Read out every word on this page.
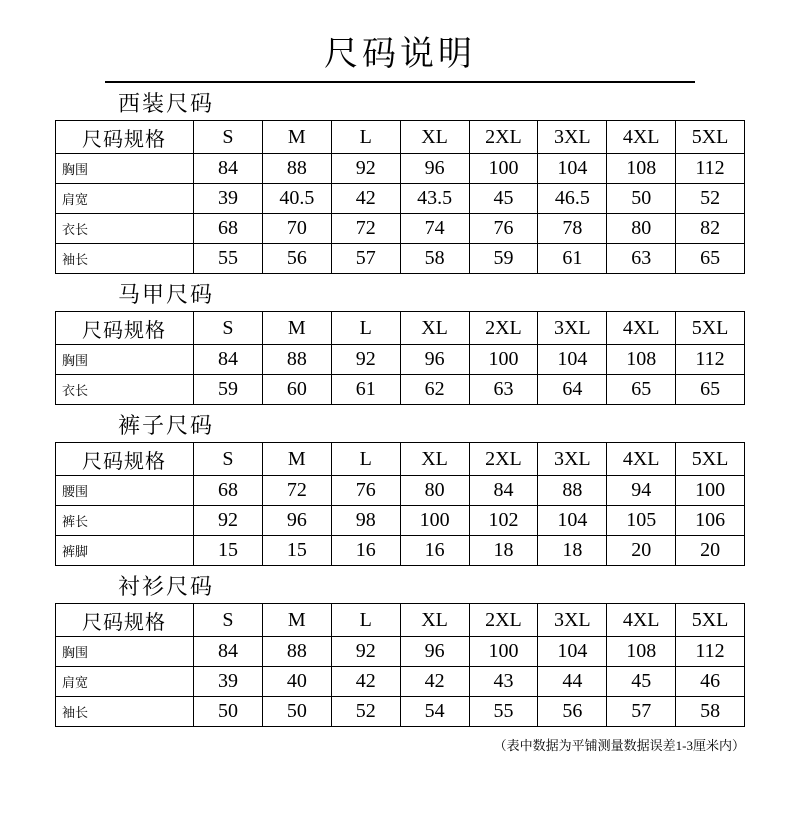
尺码说明
西装尺码
尺码规格	S	M	L	XL	2XL	3XL	4XL	5XL
胸围	84	88	92	96	100	104	108	112
肩宽	39	40.5	42	43.5	45	46.5	50	52
衣长	68	70	72	74	76	78	80	82
袖长	55	56	57	58	59	61	63	65
马甲尺码
尺码规格	S	M	L	XL	2XL	3XL	4XL	5XL
胸围	84	88	92	96	100	104	108	112
衣长	59	60	61	62	63	64	65	65
裤子尺码
尺码规格	S	M	L	XL	2XL	3XL	4XL	5XL
腰围	68	72	76	80	84	88	94	100
裤长	92	96	98	100	102	104	105	106
裤脚	15	15	16	16	18	18	20	20
衬衫尺码
尺码规格	S	M	L	XL	2XL	3XL	4XL	5XL
胸围	84	88	92	96	100	104	108	112
肩宽	39	40	42	42	43	44	45	46
袖长	50	50	52	54	55	56	57	58
（表中数据为平铺测量数据误差1-3厘米内）
